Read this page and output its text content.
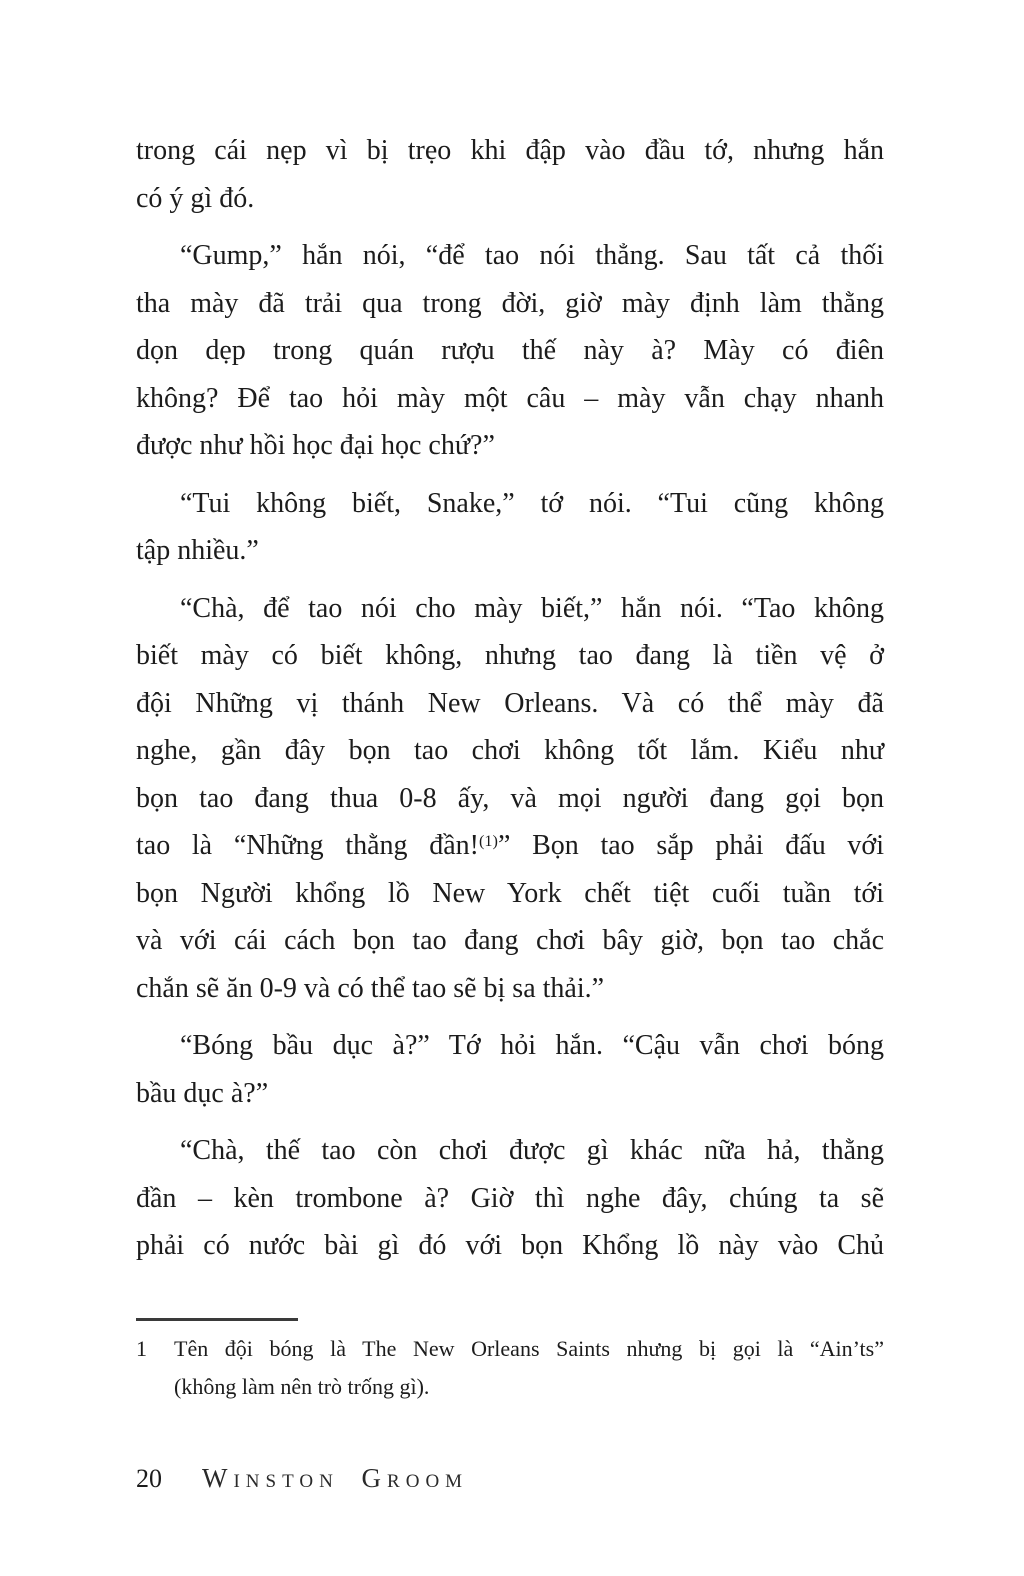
trong cái nẹp vì bị trẹo khi đập vào đầu tớ, nhưng hắn
có ý gì đó.
“Gump,” hắn nói, “để tao nói thẳng. Sau tất cả thối
tha mày đã trải qua trong đời, giờ mày định làm thằng
dọn dẹp trong quán rượu thế này à? Mày có điên
không? Để tao hỏi mày một câu – mày vẫn chạy nhanh
được như hồi học đại học chứ?”
“Tui không biết, Snake,” tớ nói. “Tui cũng không
tập nhiều.”
“Chà, để tao nói cho mày biết,” hắn nói. “Tao không
biết mày có biết không, nhưng tao đang là tiền vệ ở
đội Những vị thánh New Orleans. Và có thể mày đã
nghe, gần đây bọn tao chơi không tốt lắm. Kiểu như
bọn tao đang thua 0-8 ấy, và mọi người đang gọi bọn
tao là “Những thằng đần!$^{(1)}$” Bọn tao sắp phải đấu với
bọn Người khổng lồ New York chết tiệt cuối tuần tới
và với cái cách bọn tao đang chơi bây giờ, bọn tao chắc
chắn sẽ ăn 0-9 và có thể tao sẽ bị sa thải.”
“Bóng bầu dục à?” Tớ hỏi hắn. “Cậu vẫn chơi bóng
bầu dục à?”
“Chà, thế tao còn chơi được gì khác nữa hả, thằng
đần – kèn trombone à? Giờ thì nghe đây, chúng ta sẽ
phải có nước bài gì đó với bọn Khổng lồ này vào Chủ
1 Tên đội bóng là The New Orleans Saints nhưng bị gọi là “Ain’ts”
(không làm nên trò trống gì).
20 Winston Groom
